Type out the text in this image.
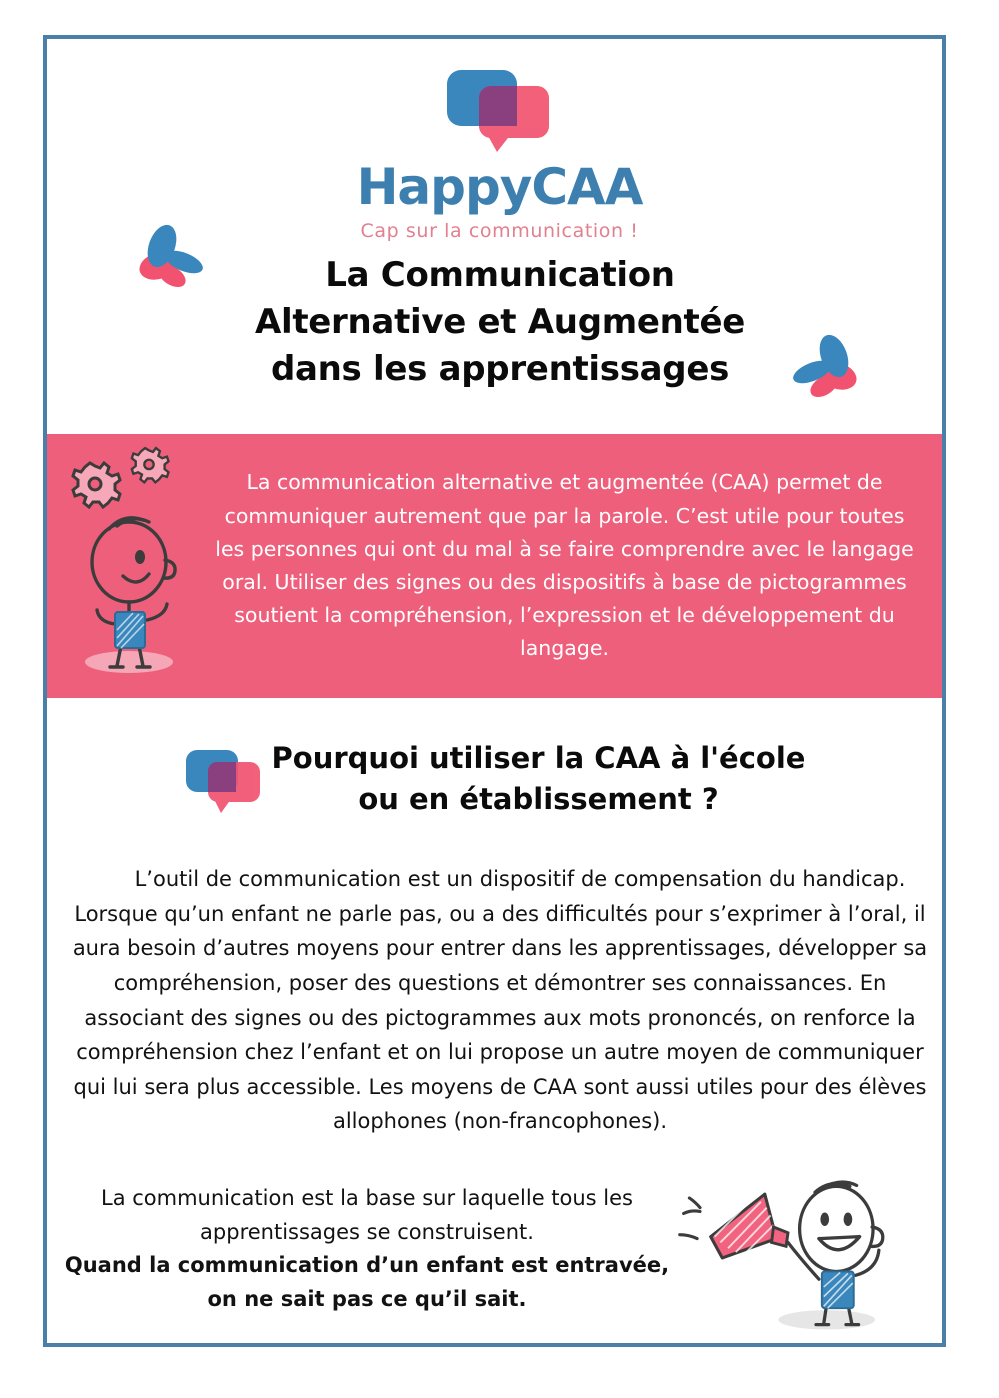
HappyCAA
Cap sur la communication !
La Communication
Alternative et Augmentée
dans les apprentissages
La communication alternative et augmentée (CAA) permet de communiquer autrement que par la parole. C’est utile pour toutes les personnes qui ont du mal à se faire comprendre avec le langage oral. Utiliser des signes ou des dispositifs à base de pictogrammes soutient la compréhension, l’expression et le développement du langage.
Pourquoi utiliser la CAA à l'école
ou en établissement ?
L’outil de communication est un dispositif de compensation du handicap. Lorsque qu’un enfant ne parle pas, ou a des difficultés pour s’exprimer à l’oral, il aura besoin d’autres moyens pour entrer dans les apprentissages, développer sa compréhension, poser des questions et démontrer ses connaissances. En associant des signes ou des pictogrammes aux mots prononcés, on renforce la compréhension chez l’enfant et on lui propose un autre moyen de communiquer qui lui sera plus accessible. Les moyens de CAA sont aussi utiles pour des élèves allophones (non-francophones).
La communication est la base sur laquelle tous les apprentissages se construisent.
Quand la communication d’un enfant est entravée, on ne sait pas ce qu’il sait.
